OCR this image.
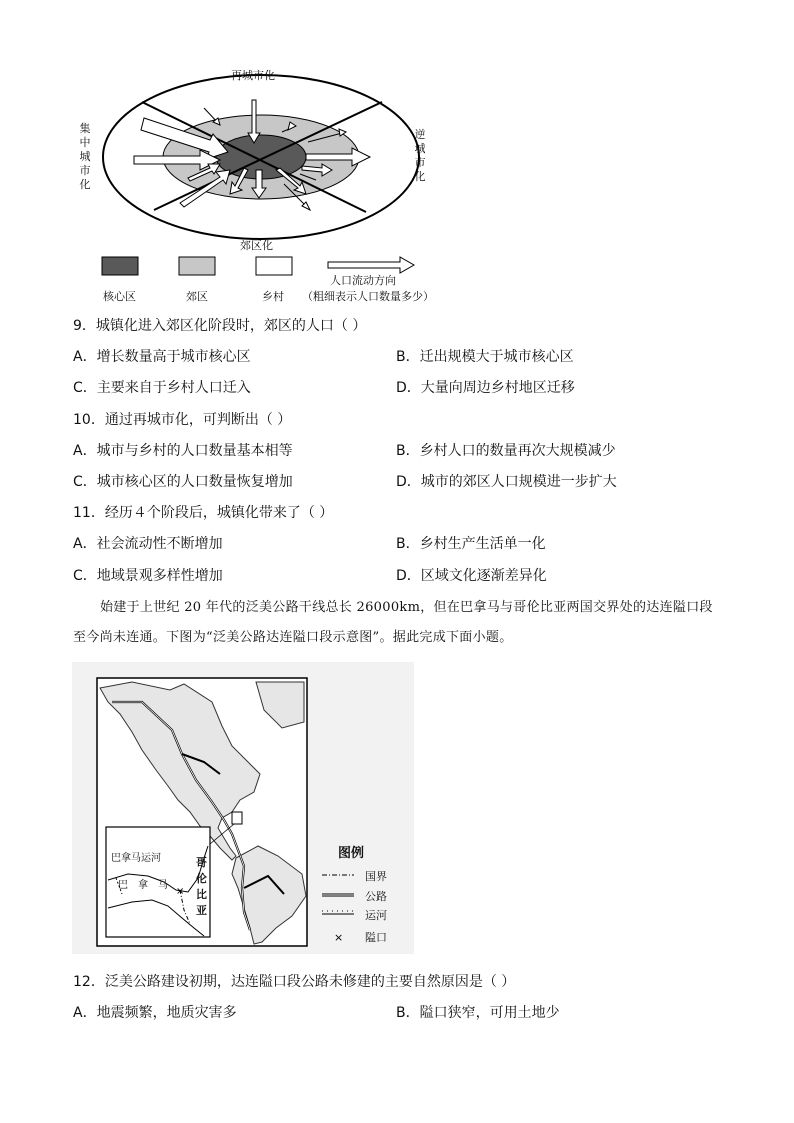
再城市化
集中城市化
逆城市化
郊区化
核心区	郊区	乡村
人口流动方向
（粗细表示人口数量多少）
9．城镇化进入郊区化阶段时，郊区的人口（ ）
A．增长数量高于城市核心区	B．迁出规模大于城市核心区
C．主要来自于乡村人口迁入	D．大量向周边乡村地区迁移
10．通过再城市化，可判断出（ ）
A．城市与乡村的人口数量基本相等	B．乡村人口的数量再次大规模减少
C．城市核心区的人口数量恢复增加	D．城市的郊区人口规模进一步扩大
11．经历４个阶段后，城镇化带来了（ ）
A．社会流动性不断增加	B．乡村生产生活单一化
C．地域景观多样性增加	D．区域文化逐渐差异化
始建于上世纪 20 年代的泛美公路干线总长 26000km，但在巴拿马与哥伦比亚两国交界处的达连隘口段
至今尚未连通。下图为“泛美公路达连隘口段示意图”。据此完成下面小题。
×
×
巴拿马运河
巴拿马
哥伦比亚
图例
国界
公路
运河
隘口
12．泛美公路建设初期，达连隘口段公路未修建的主要自然原因是（ ）
A．地震频繁，地质灾害多	B．隘口狭窄，可用土地少
